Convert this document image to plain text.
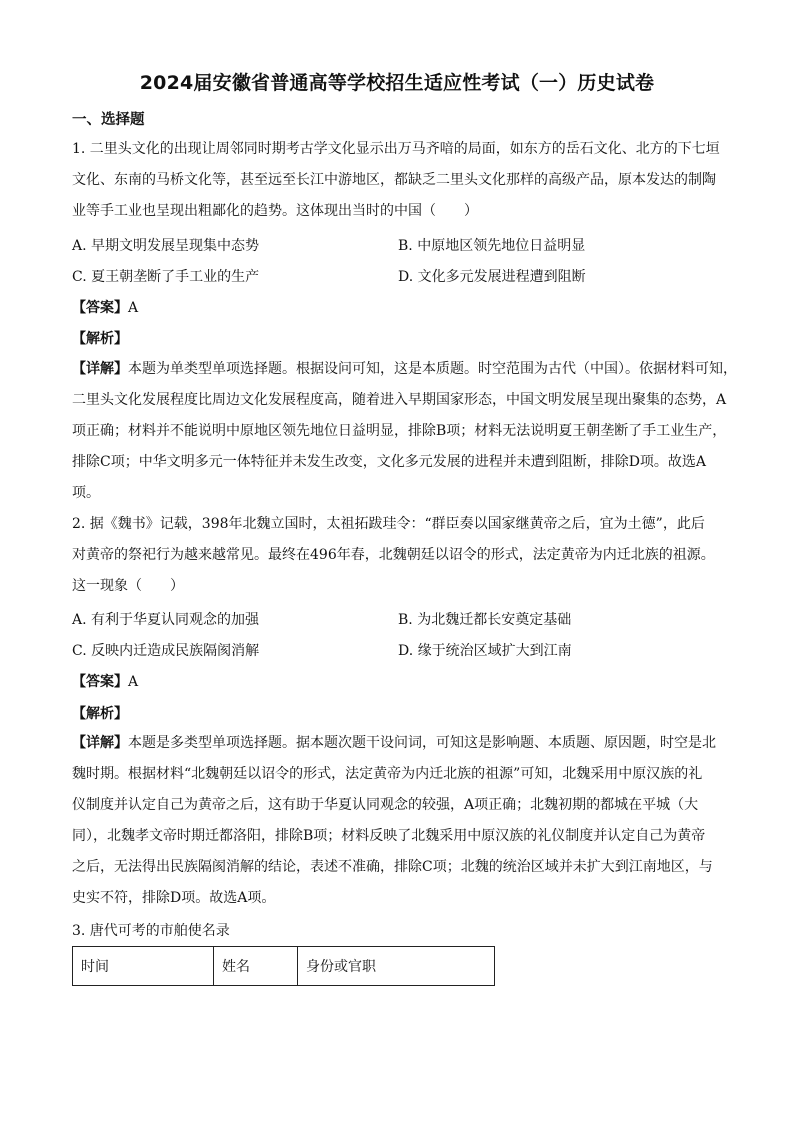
2024届安徽省普通高等学校招生适应性考试（一）历史试卷
一、选择题
1. 二里头文化的出现让周邻同时期考古学文化显示出万马齐喑的局面，如东方的岳石文化、北方的下七垣
文化、东南的马桥文化等，甚至远至长江中游地区，都缺乏二里头文化那样的高级产品，原本发达的制陶
业等手工业也呈现出粗鄙化的趋势。这体现出当时的中国（　　）
A. 早期文明发展呈现集中态势	B. 中原地区领先地位日益明显
C. 夏王朝垄断了手工业的生产	D. 文化多元发展进程遭到阻断
【答案】A
【解析】
【详解】本题为单类型单项选择题。根据设问可知，这是本质题。时空范围为古代（中国）。依据材料可知，
二里头文化发展程度比周边文化发展程度高，随着进入早期国家形态，中国文明发展呈现出聚集的态势，A
项正确；材料并不能说明中原地区领先地位日益明显，排除B项；材料无法说明夏王朝垄断了手工业生产，
排除C项；中华文明多元一体特征并未发生改变，文化多元发展的进程并未遭到阻断，排除D项。故选A
项。
2. 据《魏书》记载，398年北魏立国时，太祖拓跋珪令：“群臣奏以国家继黄帝之后，宜为土德”，此后
对黄帝的祭祀行为越来越常见。最终在496年春，北魏朝廷以诏令的形式，法定黄帝为内迁北族的祖源。
这一现象（　　）
A. 有利于华夏认同观念的加强	B. 为北魏迁都长安奠定基础
C. 反映内迁造成民族隔阂消解	D. 缘于统治区域扩大到江南
【答案】A
【解析】
【详解】本题是多类型单项选择题。据本题次题干设问词，可知这是影响题、本质题、原因题，时空是北
魏时期。根据材料“北魏朝廷以诏令的形式，法定黄帝为内迁北族的祖源”可知，北魏采用中原汉族的礼
仪制度并认定自己为黄帝之后，这有助于华夏认同观念的较强，A项正确；北魏初期的都城在平城（大
同），北魏孝文帝时期迁都洛阳，排除B项；材料反映了北魏采用中原汉族的礼仪制度并认定自己为黄帝
之后，无法得出民族隔阂消解的结论，表述不准确，排除C项；北魏的统治区域并未扩大到江南地区，与
史实不符，排除D项。故选A项。
3. 唐代可考的市舶使名录
时间	姓名	身份或官职
